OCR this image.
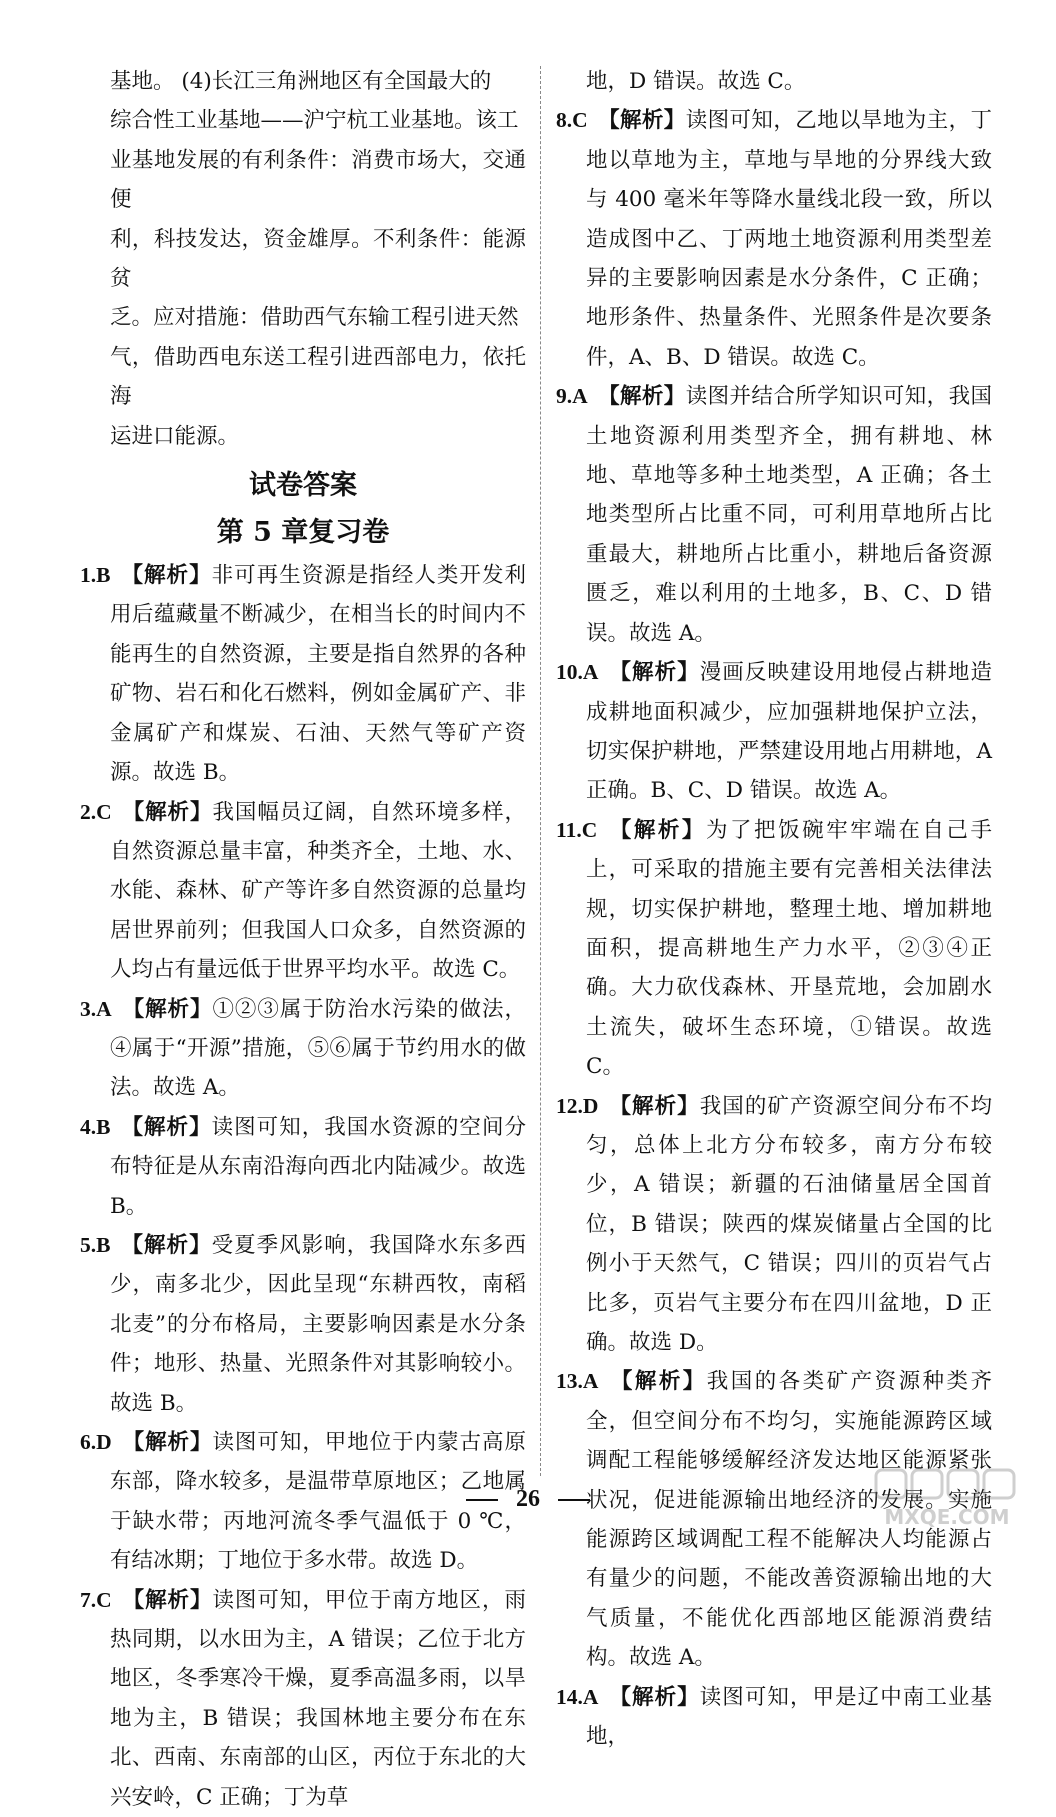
基地。 (4)长江三角洲地区有全国最大的
综合性工业基地——沪宁杭工业基地。该工
业基地发展的有利条件：消费市场大，交通便
利，科技发达，资金雄厚。不利条件：能源贫
乏。应对措施：借助西气东输工程引进天然
气，借助西电东送工程引进西部电力，依托海
运进口能源。

试卷答案

第 5 章复习卷

1.B 【解析】非可再生资源是指经人类开发利用后蕴藏量不断减少，在相当长的时间内不能再生的自然资源，主要是指自然界的各种矿物、岩石和化石燃料，例如金属矿产、非金属矿产和煤炭、石油、天然气等矿产资源。故选 B。

2.C 【解析】我国幅员辽阔，自然环境多样，自然资源总量丰富，种类齐全，土地、水、水能、森林、矿产等许多自然资源的总量均居世界前列；但我国人口众多，自然资源的人均占有量远低于世界平均水平。故选 C。

3.A 【解析】①②③属于防治水污染的做法，④属于“开源”措施，⑤⑥属于节约用水的做法。故选 A。

4.B 【解析】读图可知，我国水资源的空间分布特征是从东南沿海向西北内陆减少。故选 B。

5.B 【解析】受夏季风影响，我国降水东多西少，南多北少，因此呈现“东耕西牧，南稻北麦”的分布格局，主要影响因素是水分条件；地形、热量、光照条件对其影响较小。故选 B。

6.D 【解析】读图可知，甲地位于内蒙古高原东部，降水较多，是温带草原地区；乙地属于缺水带；丙地河流冬季气温低于 0 ℃，有结冰期；丁地位于多水带。故选 D。

7.C 【解析】读图可知，甲位于南方地区，雨热同期，以水田为主，A 错误；乙位于北方地区，冬季寒冷干燥，夏季高温多雨，以旱地为主，B 错误；我国林地主要分布在东北、西南、东南部的山区，丙位于东北的大兴安岭，C 正确；丁为草

地，D 错误。故选 C。

8.C 【解析】读图可知，乙地以旱地为主，丁地以草地为主，草地与旱地的分界线大致与 400 毫米年等降水量线北段一致，所以造成图中乙、丁两地土地资源利用类型差异的主要影响因素是水分条件，C 正确；地形条件、热量条件、光照条件是次要条件，A、B、D 错误。故选 C。

9.A 【解析】读图并结合所学知识可知，我国土地资源利用类型齐全，拥有耕地、林地、草地等多种土地类型，A 正确；各土地类型所占比重不同，可利用草地所占比重最大，耕地所占比重小，耕地后备资源匮乏，难以利用的土地多，B、C、D 错误。故选 A。

10.A 【解析】漫画反映建设用地侵占耕地造成耕地面积减少，应加强耕地保护立法，切实保护耕地，严禁建设用地占用耕地，A 正确。B、C、D 错误。故选 A。

11.C 【解析】为了把饭碗牢牢端在自己手上，可采取的措施主要有完善相关法律法规，切实保护耕地，整理土地、增加耕地面积，提高耕地生产力水平，②③④正确。大力砍伐森林、开垦荒地，会加剧水土流失，破坏生态环境，①错误。故选 C。

12.D 【解析】我国的矿产资源空间分布不均匀，总体上北方分布较多，南方分布较少，A 错误；新疆的石油储量居全国首位，B 错误；陕西的煤炭储量占全国的比例小于天然气，C 错误；四川的页岩气占比多，页岩气主要分布在四川盆地，D 正确。故选 D。

13.A 【解析】我国的各类矿产资源种类齐全，但空间分布不均匀，实施能源跨区域调配工程能够缓解经济发达地区能源紧张状况，促进能源输出地经济的发展。实施能源跨区域调配工程不能解决人均能源占有量少的问题，不能改善资源输出地的大气质量，不能优化西部地区能源消费结构。故选 A。

14.A 【解析】读图可知，甲是辽中南工业基地，

26
MXQE.COM
